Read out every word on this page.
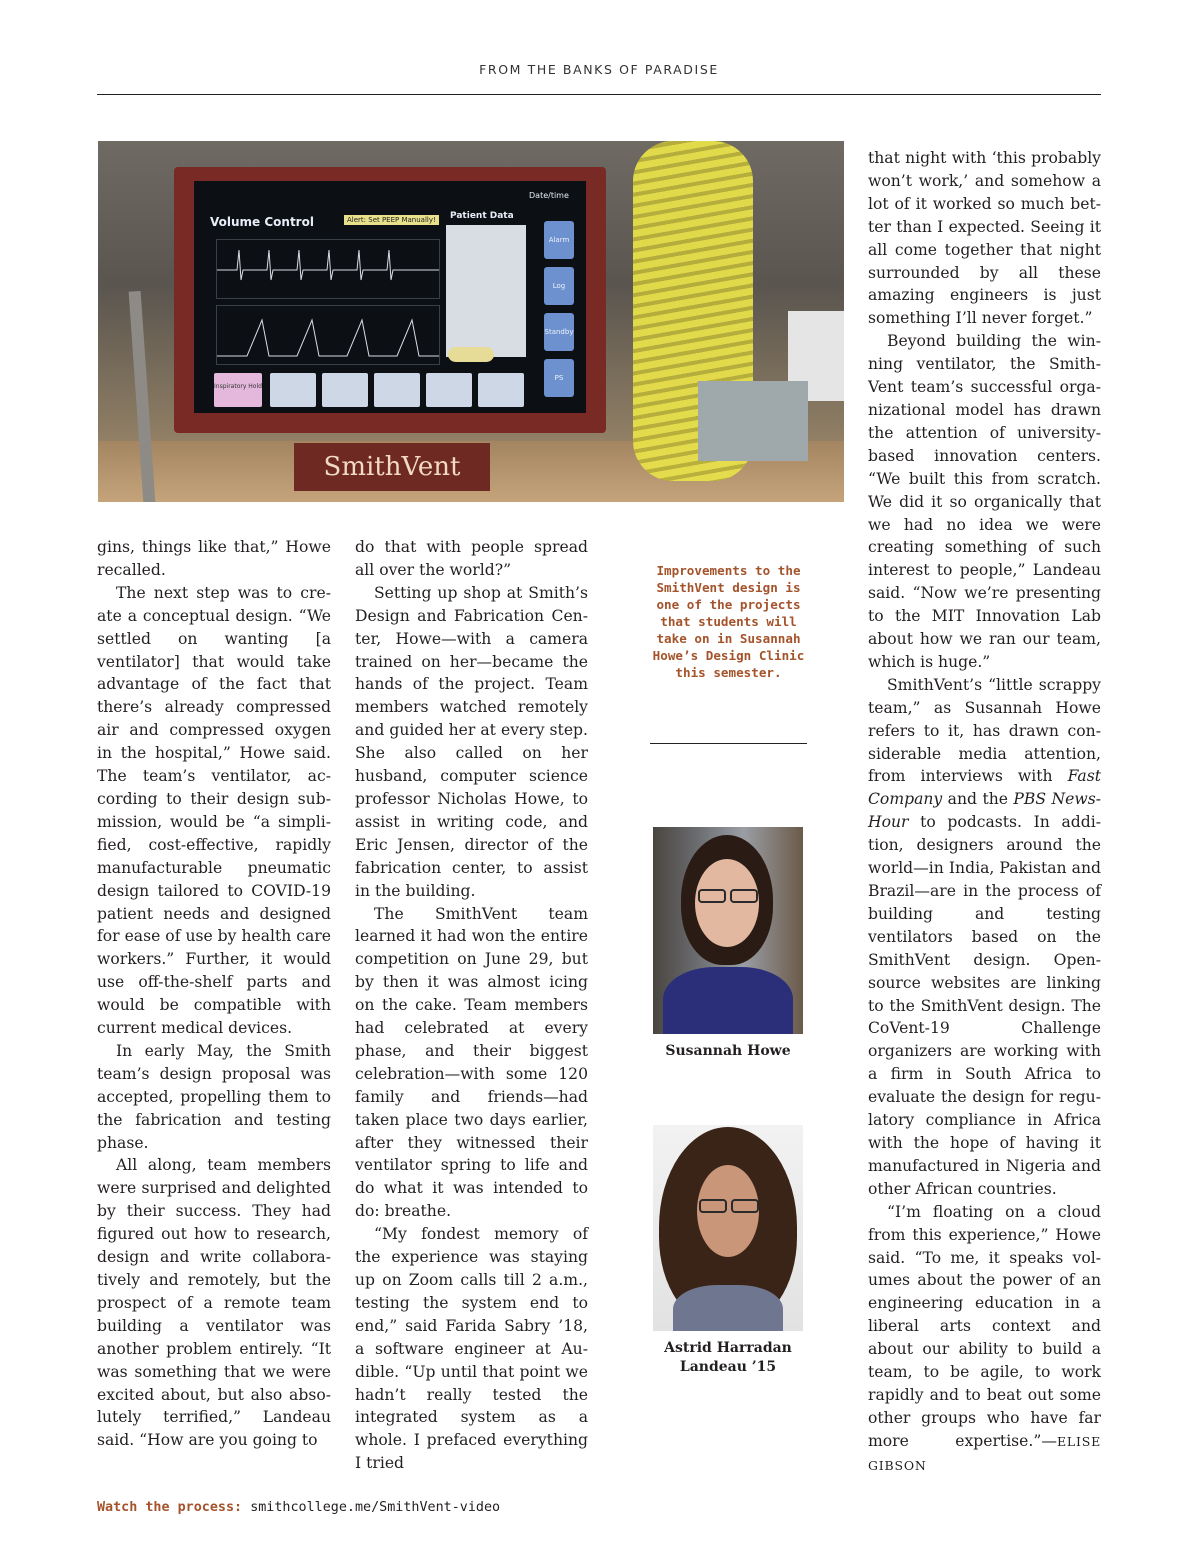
FROM THE BANKS OF PARADISE
Date/time
Volume Control	Alert: Set PEEP Manually!	Patient Data
Alarm
Log
Standby
PS
Inspiratory Hold
SmithVent

gins, things like that,” Howe recalled.

The next step was to create a conceptual design. “We settled on wanting [a ventilator] that would take advantage of the fact that there’s already compressed air and compressed oxygen in the hospital,” Howe said. The team’s ventilator, according to their design submission, would be “a simplified, cost-effective, rapidly manufacturable pneumatic design tailored to COVID-19 patient needs and designed for ease of use by health care workers.” Further, it would use off-the-shelf parts and would be compatible with current medical devices.

In early May, the Smith team’s design proposal was accepted, propelling them to the fabrication and testing phase.

All along, team members were surprised and delighted by their success. They had figured out how to research, design and write collaboratively and remotely, but the prospect of a remote team building a ventilator was another problem entirely. “It was something that we were excited about, but also absolutely terrified,” Landeau said. “How are you going to

do that with people spread all over the world?”

Setting up shop at Smith’s Design and Fabrication Center, Howe—with a camera trained on her—became the hands of the project. Team members watched remotely and guided her at every step. She also called on her husband, computer science professor Nicholas Howe, to assist in writing code, and Eric Jensen, director of the fabrication center, to assist in the building.

The SmithVent team learned it had won the entire competition on June 29, but by then it was almost icing on the cake. Team members had celebrated at every phase, and their biggest celebration—with some 120 family and friends—had taken place two days earlier, after they witnessed their ventilator spring to life and do what it was intended to do: breathe.

“My fondest memory of the experience was staying up on Zoom calls till 2 a.m., testing the system end to end,” said Farida Sabry ’18, a software engineer at Audible. “Up until that point we hadn’t really tested the integrated system as a whole. I prefaced everything I tried

Improvements to the SmithVent design is one of the projects that students will take on in Susannah Howe’s Design Clinic this semester.
Susannah Howe
Astrid Harradan Landeau ’15

that night with ‘this probably won’t work,’ and somehow a lot of it worked so much better than I expected. Seeing it all come together that night surrounded by all these amazing engineers is just something I’ll never forget.”

Beyond building the winning ventilator, the SmithVent team’s successful organizational model has drawn the attention of university-based innovation centers. “We built this from scratch. We did it so organically that we had no idea we were creating something of such interest to people,” Landeau said. “Now we’re presenting to the MIT Innovation Lab about how we ran our team, which is huge.”

SmithVent’s “little scrappy team,” as Susannah Howe refers to it, has drawn considerable media attention, from interviews with Fast Company and the PBS NewsHour to podcasts. In addition, designers around the world—in India, Pakistan and Brazil—are in the process of building and testing ventilators based on the SmithVent design. Open-source websites are linking to the SmithVent design. The CoVent-19 Challenge organizers are working with a firm in South Africa to evaluate the design for regulatory compliance in Africa with the hope of having it manufactured in Nigeria and other African countries.

“I’m floating on a cloud from this experience,” Howe said. “To me, it speaks volumes about the power of an engineering education in a liberal arts context and about our ability to build a team, to be agile, to work rapidly and to beat out some other groups who have far more expertise.”—ELISE GIBSON

Watch the process: smithcollege.me/SmithVent-video
